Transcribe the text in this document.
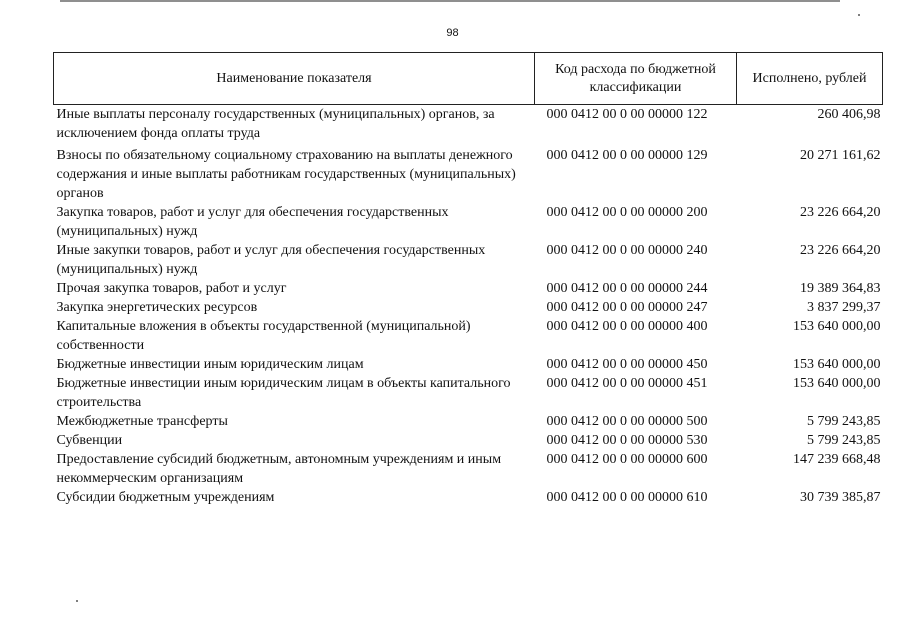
98
Наименование показателя	Код расхода по бюджетной классификации	Исполнено, рублей
Иные выплаты персоналу государственных (муниципальных) органов, за исключением фонда оплаты труда	000 0412 00 0 00 00000 122	260 406,98
Взносы по обязательному социальному страхованию на выплаты денежного содержания и иные выплаты работникам государственных (муниципальных) органов	000 0412 00 0 00 00000 129	20 271 161,62
Закупка товаров, работ и услуг для обеспечения государственных (муниципальных) нужд	000 0412 00 0 00 00000 200	23 226 664,20
Иные закупки товаров, работ и услуг для обеспечения государственных (муниципальных) нужд	000 0412 00 0 00 00000 240	23 226 664,20
Прочая закупка товаров, работ и услуг	000 0412 00 0 00 00000 244	19 389 364,83
Закупка энергетических ресурсов	000 0412 00 0 00 00000 247	3 837 299,37
Капитальные вложения в объекты государственной (муниципальной) собственности	000 0412 00 0 00 00000 400	153 640 000,00
Бюджетные инвестиции иным юридическим лицам	000 0412 00 0 00 00000 450	153 640 000,00
Бюджетные инвестиции иным юридическим лицам в объекты капитального строительства	000 0412 00 0 00 00000 451	153 640 000,00
Межбюджетные трансферты	000 0412 00 0 00 00000 500	5 799 243,85
Субвенции	000 0412 00 0 00 00000 530	5 799 243,85
Предоставление субсидий бюджетным, автономным учреждениям и иным некоммерческим организациям	000 0412 00 0 00 00000 600	147 239 668,48
Субсидии бюджетным учреждениям	000 0412 00 0 00 00000 610	30 739 385,87
